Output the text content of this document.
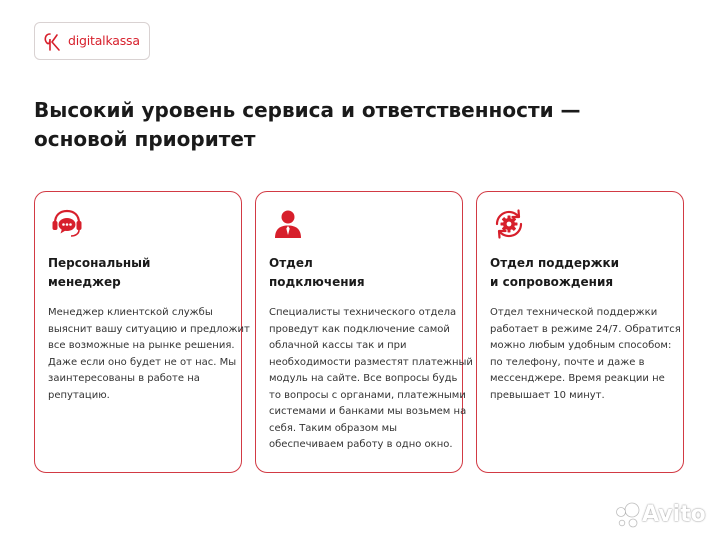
digitalkassa
Высокий уровень сервиса и ответственности —
основой приоритет
Персональный
менеджер

Менеджер клиентской службы
выяснит вашу ситуацию и предложит
все возможные на рынке решения.
Даже если оно будет не от нас. Мы
заинтересованы в работе на
репутацию.

Отдел
подключения

Специалисты технического отдела
проведут как подключение самой
облачной кассы так и при
необходимости разместят платежный
модуль на сайте. Все вопросы будь
то вопросы с органами, платежными
системами и банками мы возьмем на
себя. Таким образом мы
обеспечиваем работу в одно окно.

Отдел поддержки
и сопровождения

Отдел технической поддержки
работает в режиме 24/7. Обратится
можно любым удобным способом:
по телефону, почте и даже в
мессенджере. Время реакции не
превышает 10 минут.

Avito
